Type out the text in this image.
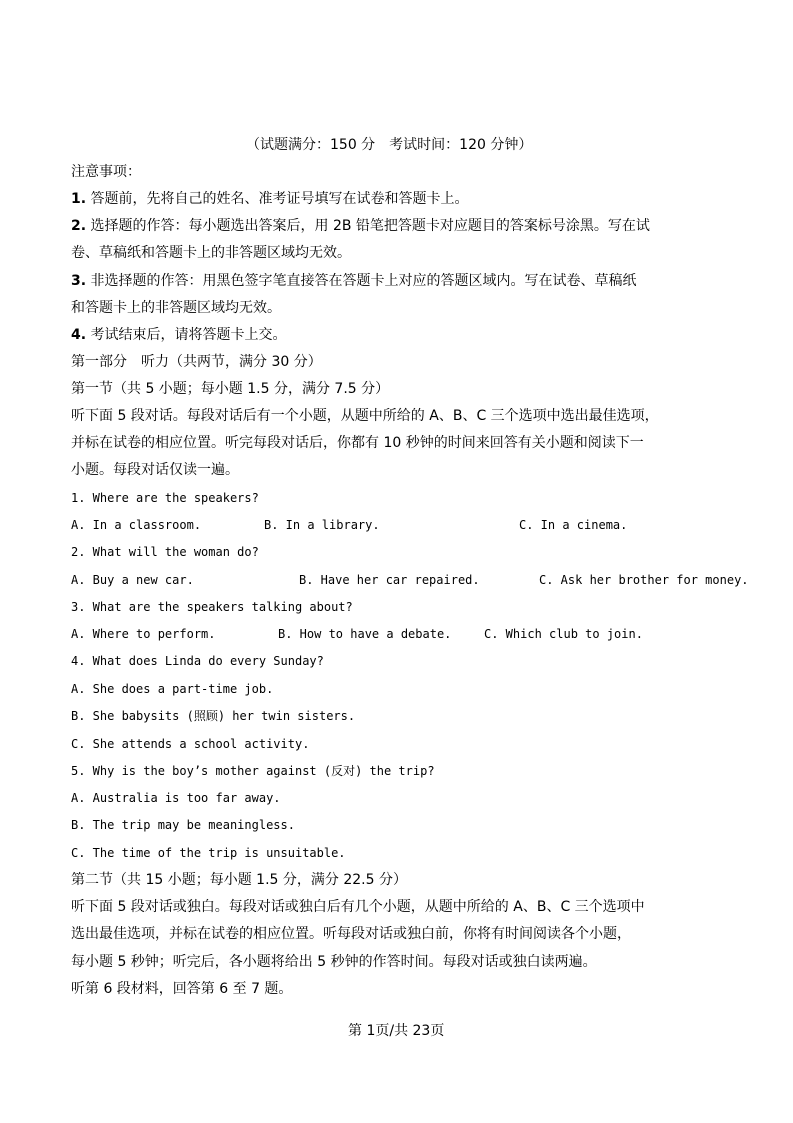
（试题满分：150 分　考试时间：120 分钟）
注意事项：
1. 答题前，先将自己的姓名、准考证号填写在试卷和答题卡上。
2. 选择题的作答：每小题选出答案后，用 2B 铅笔把答题卡对应题目的答案标号涂黑。写在试
卷、草稿纸和答题卡上的非答题区域均无效。
3. 非选择题的作答：用黑色签字笔直接答在答题卡上对应的答题区域内。写在试卷、草稿纸
和答题卡上的非答题区域均无效。
4. 考试结束后，请将答题卡上交。
第一部分　听力（共两节，满分 30 分）
第一节（共 5 小题；每小题 1.5 分，满分 7.5 分）
听下面 5 段对话。每段对话后有一个小题，从题中所给的 A、B、C 三个选项中选出最佳选项，
并标在试卷的相应位置。听完每段对话后，你都有 10 秒钟的时间来回答有关小题和阅读下一
小题。每段对话仅读一遍。
1. Where are the speakers?
A. In a classroom.	B. In a library.	C. In a cinema.
2. What will the woman do?
A. Buy a new car.	B. Have her car repaired.	C. Ask her brother for money.
3. What are the speakers talking about?
A. Where to perform.	B. How to have a debate.	C. Which club to join.
4. What does Linda do every Sunday?
A. She does a part-time job.
B. She babysits (照顾) her twin sisters.
C. She attends a school activity.
5. Why is the boy’s mother against (反对) the trip?
A. Australia is too far away.
B. The trip may be meaningless.
C. The time of the trip is unsuitable.
第二节（共 15 小题；每小题 1.5 分，满分 22.5 分）
听下面 5 段对话或独白。每段对话或独白后有几个小题，从题中所给的 A、B、C 三个选项中
选出最佳选项，并标在试卷的相应位置。听每段对话或独白前，你将有时间阅读各个小题，
每小题 5 秒钟；听完后，各小题将给出 5 秒钟的作答时间。每段对话或独白读两遍。
听第 6 段材料，回答第 6 至 7 题。
第 1页/共 23页
